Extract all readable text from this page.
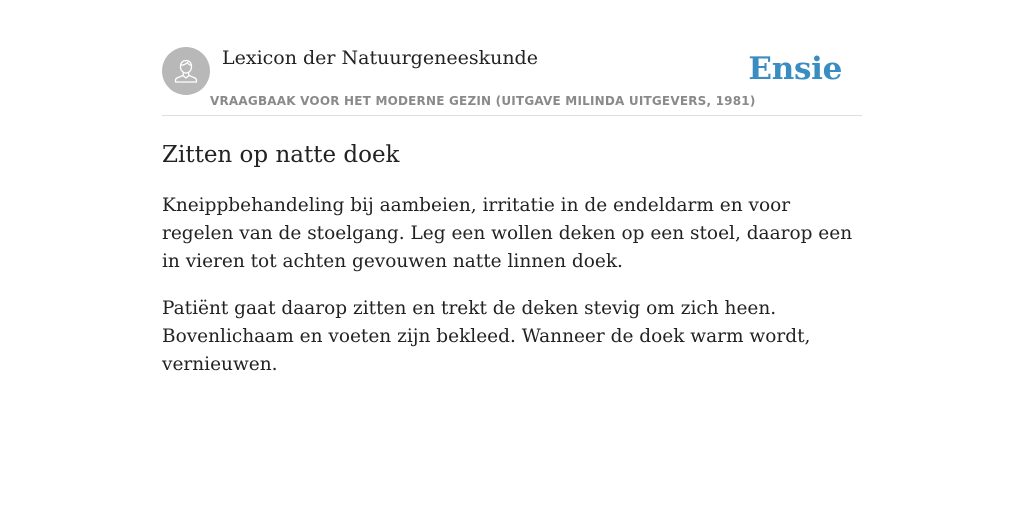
Lexicon der Natuurgeneeskunde
VRAAGBAAK VOOR HET MODERNE GEZIN (UITGAVE MILINDA UITGEVERS, 1981)
Ensie
Zitten op natte doek

Kneippbehandeling bij aambeien, irritatie in de endeldarm en voor regelen van de stoelgang. Leg een wollen deken op een stoel, daarop een in vieren tot achten gevouwen natte linnen doek.

Patiënt gaat daarop zitten en trekt de deken stevig om zich heen. Bovenlichaam en voeten zijn bekleed. Wanneer de doek warm wordt, vernieuwen.
